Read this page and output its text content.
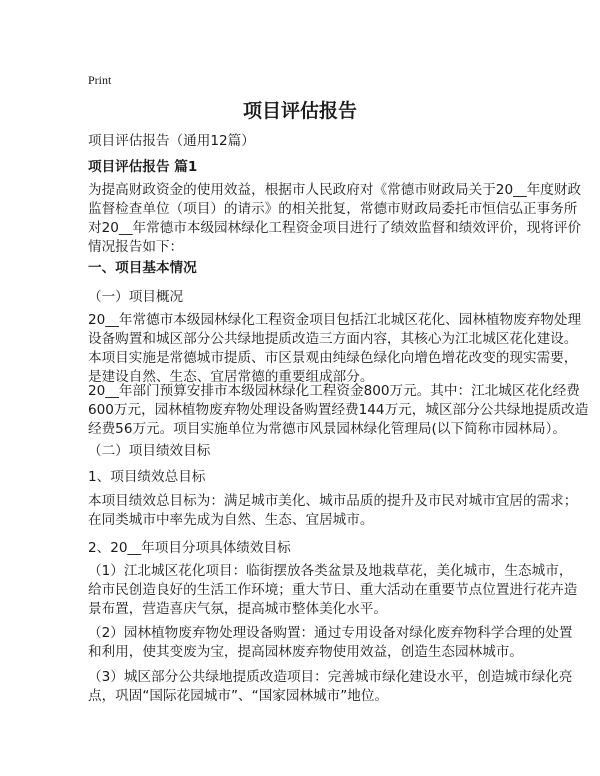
Print
项目评估报告
项目评估报告（通用12篇）
项目评估报告 篇1
为提高财政资金的使用效益，根据市人民政府对《常德市财政局关于20__年度财政
监督检查单位（项目）的请示》的相关批复，常德市财政局委托市恒信弘正事务所
对20__年常德市本级园林绿化工程资金项目进行了绩效监督和绩效评价，现将评价
情况报告如下：
一、项目基本情况
（一）项目概况
20__年常德市本级园林绿化工程资金项目包括江北城区花化、园林植物废弃物处理
设备购置和城区部分公共绿地提质改造三方面内容，其核心为江北城区花化建设。
本项目实施是常德城市提质、市区景观由纯绿色绿化向增色增花改变的现实需要，
是建设自然、生态、宜居常德的重要组成部分。
20__年部门预算安排市本级园林绿化工程资金800万元。其中：江北城区花化经费
600万元，园林植物废弃物处理设备购置经费144万元，城区部分公共绿地提质改造
经费56万元。项目实施单位为常德市风景园林绿化管理局(以下简称市园林局）。
（二）项目绩效目标
1、项目绩效总目标
本项目绩效总目标为：满足城市美化、城市品质的提升及市民对城市宜居的需求；
在同类城市中率先成为自然、生态、宜居城市。
2、20__年项目分项具体绩效目标
（1）江北城区花化项目：临街摆放各类盆景及地栽草花，美化城市，生态城市，
给市民创造良好的生活工作环境；重大节日、重大活动在重要节点位置进行花卉造
景布置，营造喜庆气氛，提高城市整体美化水平。
（2）园林植物废弃物处理设备购置：通过专用设备对绿化废弃物科学合理的处置
和利用，使其变废为宝，提高园林废弃物使用效益，创造生态园林城市。
（3）城区部分公共绿地提质改造项目：完善城市绿化建设水平，创造城市绿化亮
点，巩固“国际花园城市”、“国家园林城市”地位。
